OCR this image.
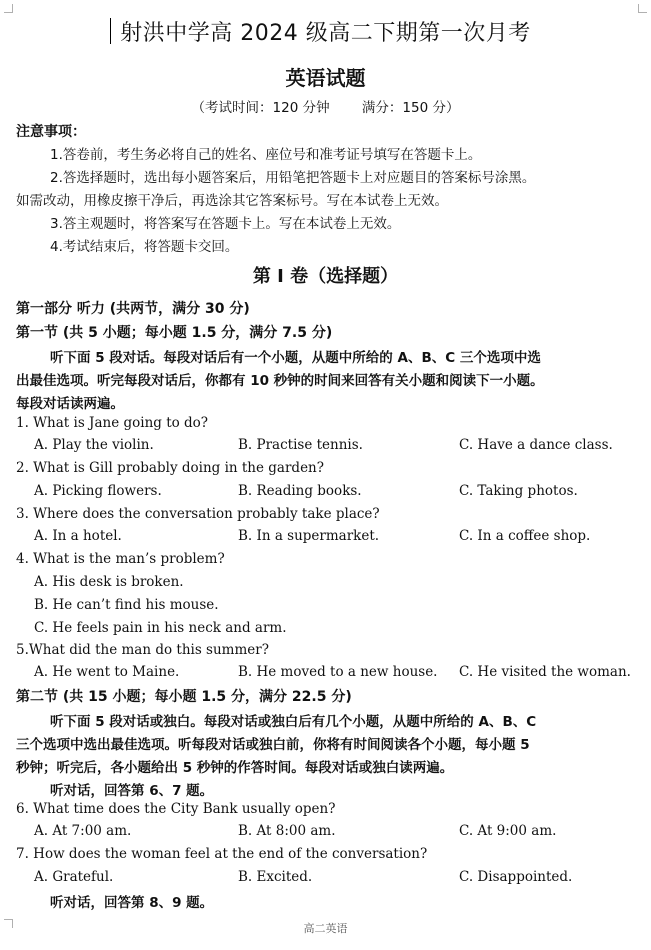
射洪中学高 2024 级高二下期第一次月考
英语试题
（考试时间：120 分钟 满分：150 分）
注意事项：
1.答卷前，考生务必将自己的姓名、座位号和准考证号填写在答题卡上。
2.答选择题时，选出每小题答案后，用铅笔把答题卡上对应题目的答案标号涂黑。
如需改动，用橡皮擦干净后，再选涂其它答案标号。写在本试卷上无效。
3.答主观题时，将答案写在答题卡上。写在本试卷上无效。
4.考试结束后，将答题卡交回。
第 I 卷（选择题）
第一部分 听力 (共两节，满分 30 分)
第一节 (共 5 小题；每小题 1.5 分，满分 7.5 分)
听下面 5 段对话。每段对话后有一个小题，从题中所给的 A、B、C 三个选项中选
出最佳选项。听完每段对话后，你都有 10 秒钟的时间来回答有关小题和阅读下一小题。
每段对话读两遍。
1. What is Jane going to do?
A. Play the violin.	B. Practise tennis.	C. Have a dance class.
2. What is Gill probably doing in the garden?
A. Picking flowers.	B. Reading books.	C. Taking photos.
3. Where does the conversation probably take place?
A. In a hotel.	B. In a supermarket.	C. In a coffee shop.
4. What is the man’s problem?
A. His desk is broken.
B. He can’t find his mouse.
C. He feels pain in his neck and arm.
5.What did the man do this summer?
A. He went to Maine.	B. He moved to a new house. C. He visited the woman.
第二节 (共 15 小题；每小题 1.5 分，满分 22.5 分)
听下面 5 段对话或独白。每段对话或独白后有几个小题，从题中所给的 A、B、C
三个选项中选出最佳选项。听每段对话或独白前，你将有时间阅读各个小题，每小题 5
秒钟；听完后，各小题给出 5 秒钟的作答时间。每段对话或独白读两遍。
听对话，回答第 6、7 题。
6. What time does the City Bank usually open?
A. At 7:00 am.	B. At 8:00 am.	C. At 9:00 am.
7. How does the woman feel at the end of the conversation?
A. Grateful.	B. Excited.	C. Disappointed.
听对话，回答第 8、9 题。
高二英语
